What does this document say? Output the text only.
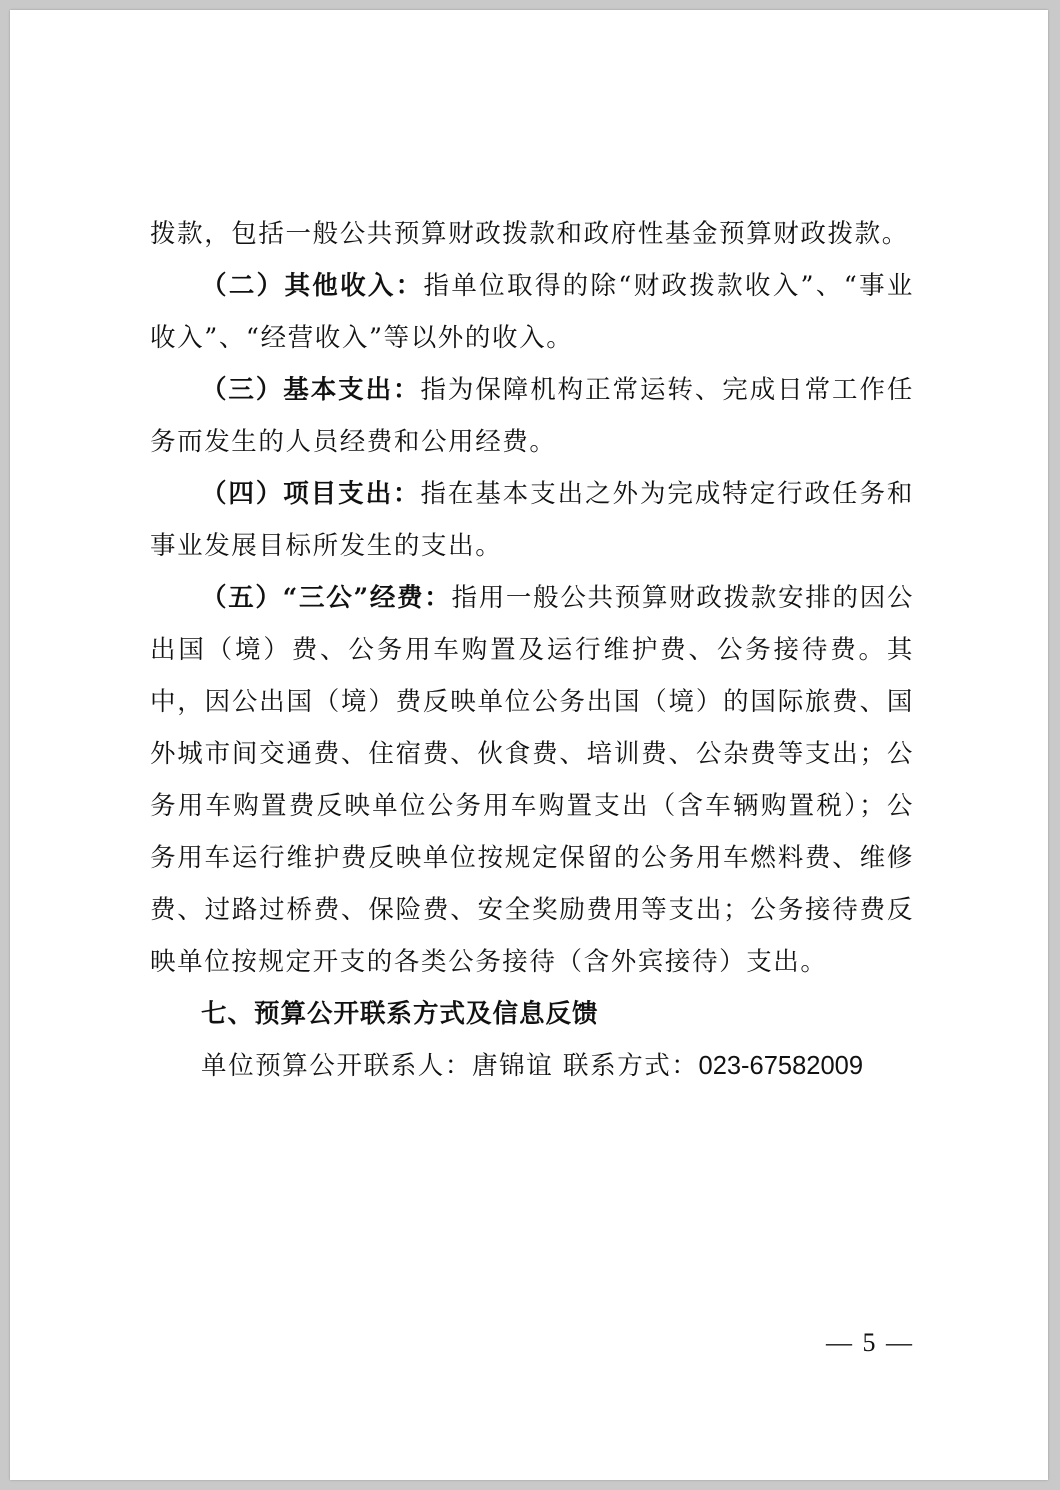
拨款，包括一般公共预算财政拨款和政府性基金预算财政拨款。

（二）其他收入：指单位取得的除“财政拨款收入”、“事业收入”、“经营收入”等以外的收入。

（三）基本支出：指为保障机构正常运转、完成日常工作任务而发生的人员经费和公用经费。

（四）项目支出：指在基本支出之外为完成特定行政任务和事业发展目标所发生的支出。

（五）“三公”经费：指用一般公共预算财政拨款安排的因公出国（境）费、公务用车购置及运行维护费、公务接待费。其中，因公出国（境）费反映单位公务出国（境）的国际旅费、国外城市间交通费、住宿费、伙食费、培训费、公杂费等支出；公务用车购置费反映单位公务用车购置支出（含车辆购置税）；公务用车运行维护费反映单位按规定保留的公务用车燃料费、维修费、过路过桥费、保险费、安全奖励费用等支出；公务接待费反映单位按规定开支的各类公务接待（含外宾接待）支出。

七、预算公开联系方式及信息反馈

单位预算公开联系人：唐锦谊 联系方式：023-67582009

— 5 —
